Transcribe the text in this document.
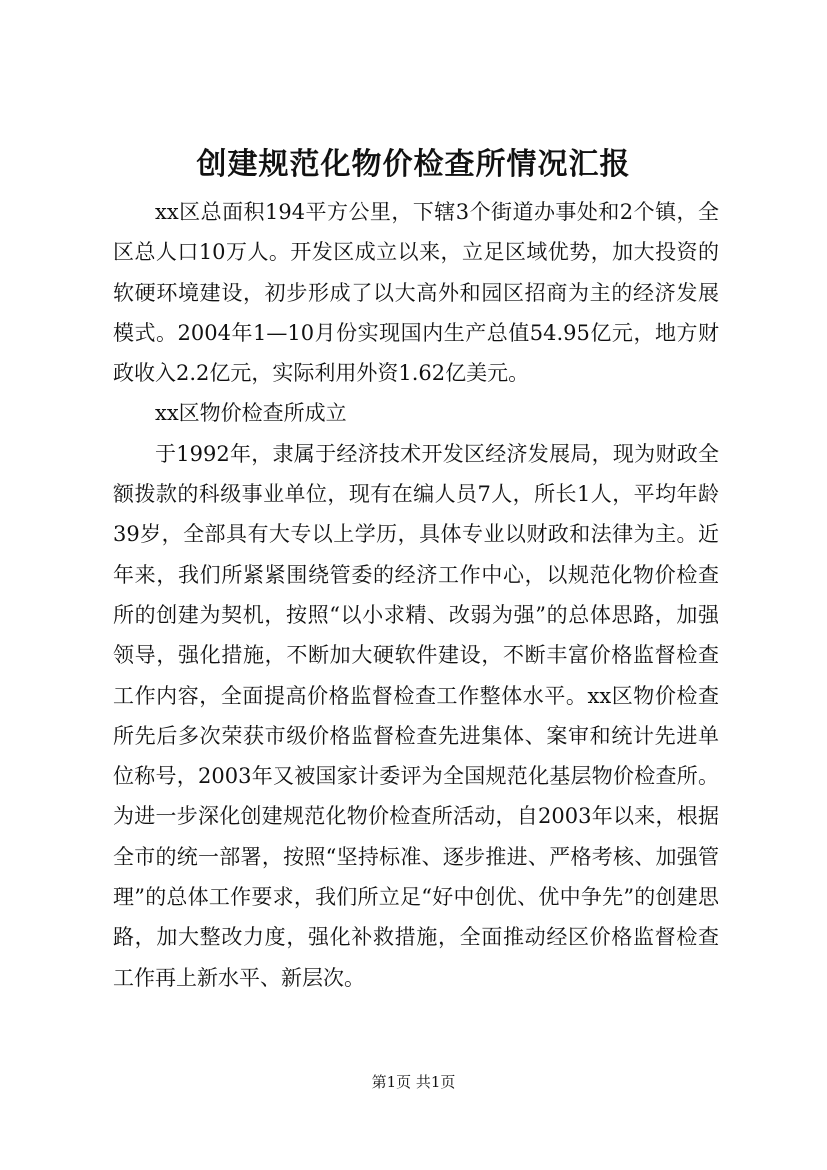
创建规范化物价检查所情况汇报

xx区总面积194平方公里，下辖3个街道办事处和2个镇，全区总人口10万人。开发区成立以来，立足区域优势，加大投资的软硬环境建设，初步形成了以大高外和园区招商为主的经济发展模式。2004年1—10月份实现国内生产总值54.95亿元，地方财政收入2.2亿元，实际利用外资1.62亿美元。

xx区物价检查所成立

于1992年，隶属于经济技术开发区经济发展局，现为财政全额拨款的科级事业单位，现有在编人员7人，所长1人，平均年龄39岁，全部具有大专以上学历，具体专业以财政和法律为主。近年来，我们所紧紧围绕管委的经济工作中心，以规范化物价检查所的创建为契机，按照“以小求精、改弱为强”的总体思路，加强领导，强化措施，不断加大硬软件建设，不断丰富价格监督检查工作内容，全面提高价格监督检查工作整体水平。xx区物价检查所先后多次荣获市级价格监督检查先进集体、案审和统计先进单位称号，2003年又被国家计委评为全国规范化基层物价检查所。为进一步深化创建规范化物价检查所活动，自2003年以来，根据全市的统一部署，按照“坚持标准、逐步推进、严格考核、加强管理”的总体工作要求，我们所立足“好中创优、优中争先”的创建思路，加大整改力度，强化补救措施，全面推动经区价格监督检查工作再上新水平、新层次。

第1页 共1页
